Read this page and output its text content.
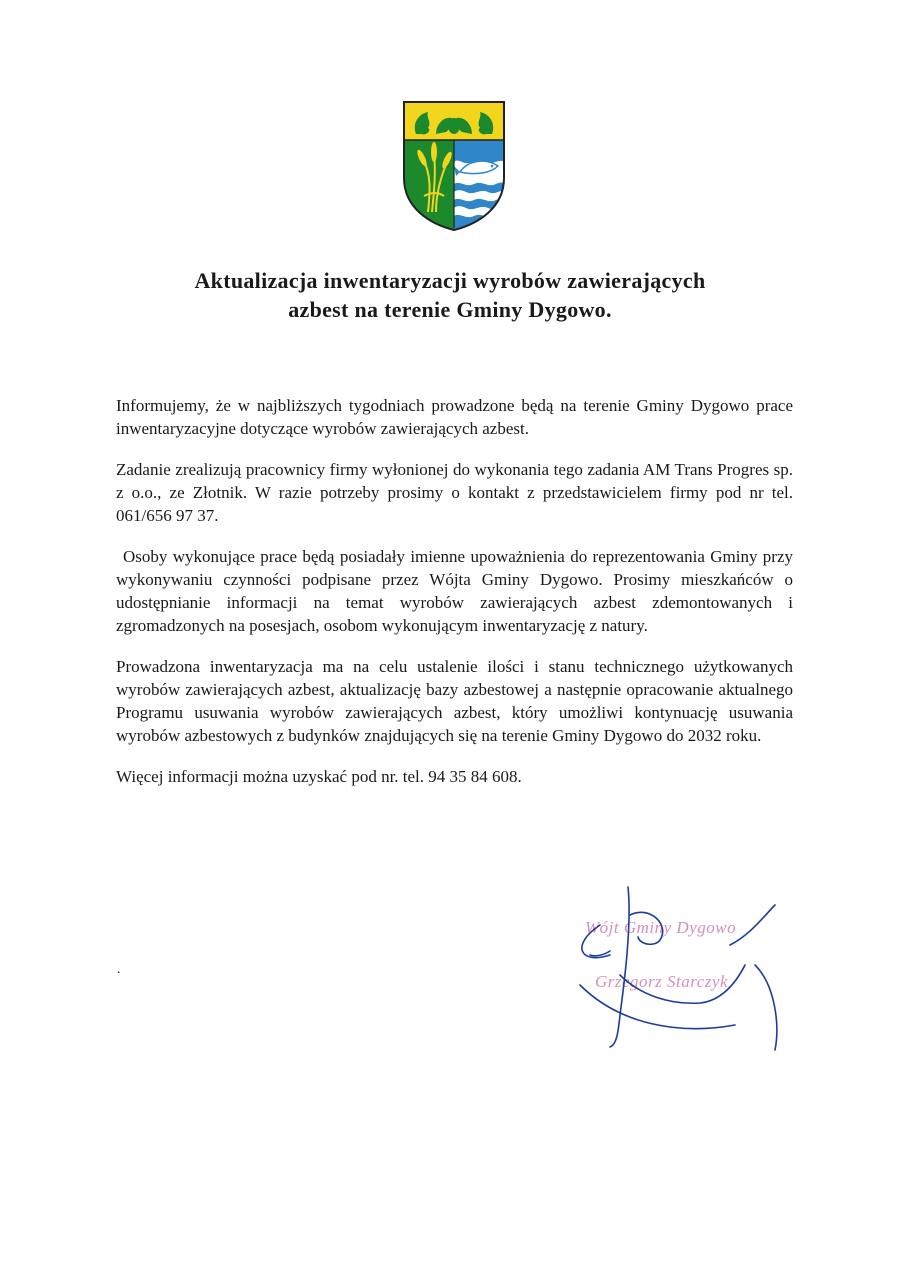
Aktualizacja inwentaryzacji wyrobów zawierających
azbest na terenie Gminy Dygowo.

Informujemy, że w najbliższych tygodniach prowadzone będą na terenie Gminy Dygowo prace inwentaryzacyjne dotyczące wyrobów zawierających azbest.

Zadanie zrealizują pracownicy firmy wyłonionej do wykonania tego zadania AM Trans Progres sp. z o.o., ze Złotnik. W razie potrzeby prosimy o kontakt z przedstawicielem firmy pod nr tel. 061/656 97 37.

Osoby wykonujące prace będą posiadały imienne upoważnienia do reprezentowania Gminy przy wykonywaniu czynności podpisane przez Wójta Gminy Dygowo. Prosimy mieszkańców o udostępnianie informacji na temat wyrobów zawierających azbest zdemontowanych i zgromadzonych na posesjach, osobom wykonującym inwentaryzację z natury.

Prowadzona inwentaryzacja ma na celu ustalenie ilości i stanu technicznego użytkowanych wyrobów zawierających azbest, aktualizację bazy azbestowej a następnie opracowanie aktualnego Programu usuwania wyrobów zawierających azbest, który umożliwi kontynuację usuwania wyrobów azbestowych z budynków znajdujących się na terenie Gminy Dygowo do 2032 roku.

Więcej informacji można uzyskać pod nr. tel. 94 35 84 608.

.
Wójt Gminy Dygowo
Grzegorz Starczyk
